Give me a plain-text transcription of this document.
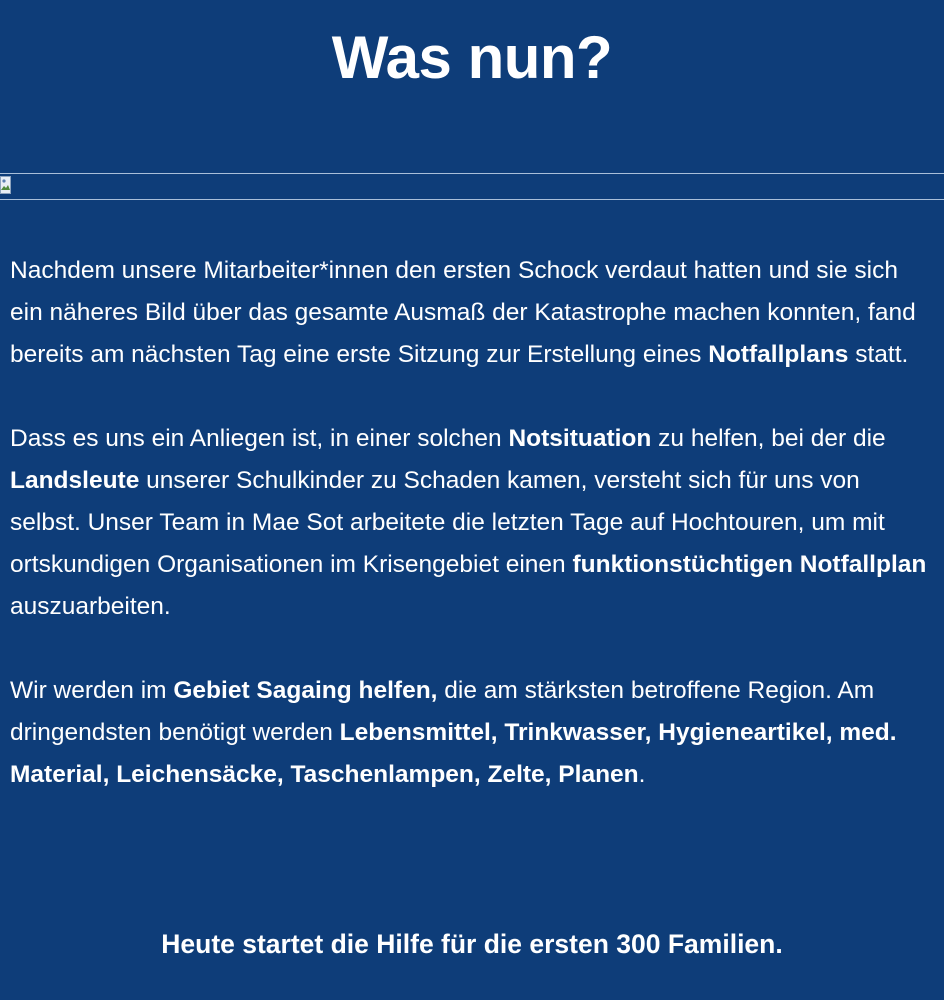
Was nun?

Nachdem unsere Mitarbeiter*innen den ersten Schock verdaut hatten und sie sich ein näheres Bild über das gesamte Ausmaß der Katastrophe machen konnten, fand bereits am nächsten Tag eine erste Sitzung zur Erstellung eines Notfallplans statt.

Dass es uns ein Anliegen ist, in einer solchen Notsituation zu helfen, bei der die Landsleute unserer Schulkinder zu Schaden kamen, versteht sich für uns von selbst. Unser Team in Mae Sot arbeitete die letzten Tage auf Hochtouren, um mit ortskundigen Organisationen im Krisengebiet einen funktionstüchtigen Notfallplan auszuarbeiten.

Wir werden im Gebiet Sagaing helfen, die am stärksten betroffene Region. Am dringendsten benötigt werden Lebensmittel, Trinkwasser, Hygieneartikel, med. Material, Leichensäcke, Taschenlampen, Zelte, Planen.

Heute startet die Hilfe für die ersten 300 Familien.
